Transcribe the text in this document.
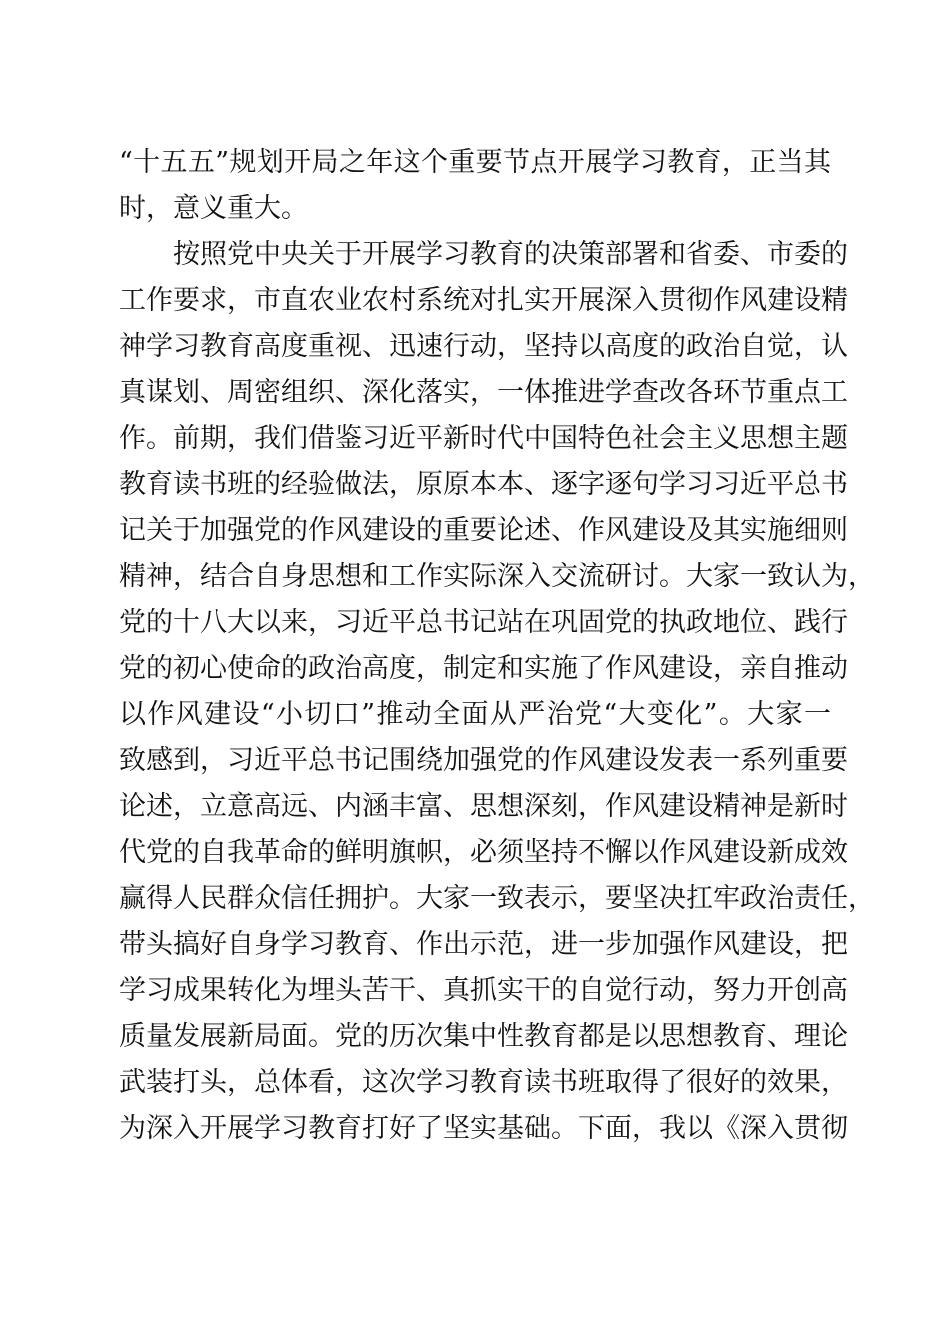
“十五五”规划开局之年这个重要节点开展学习教育，正当其
时，意义重大。
按照党中央关于开展学习教育的决策部署和省委、市委的
工作要求，市直农业农村系统对扎实开展深入贯彻作风建设精
神学习教育高度重视、迅速行动，坚持以高度的政治自觉，认
真谋划、周密组织、深化落实，一体推进学查改各环节重点工
作。前期，我们借鉴习近平新时代中国特色社会主义思想主题
教育读书班的经验做法，原原本本、逐字逐句学习习近平总书
记关于加强党的作风建设的重要论述、作风建设及其实施细则
精神，结合自身思想和工作实际深入交流研讨。大家一致认为，
党的十八大以来，习近平总书记站在巩固党的执政地位、践行
党的初心使命的政治高度，制定和实施了作风建设，亲自推动
以作风建设“小切口”推动全面从严治党“大变化”。大家一
致感到，习近平总书记围绕加强党的作风建设发表一系列重要
论述，立意高远、内涵丰富、思想深刻，作风建设精神是新时
代党的自我革命的鲜明旗帜，必须坚持不懈以作风建设新成效
赢得人民群众信任拥护。大家一致表示，要坚决扛牢政治责任，
带头搞好自身学习教育、作出示范，进一步加强作风建设，把
学习成果转化为埋头苦干、真抓实干的自觉行动，努力开创高
质量发展新局面。党的历次集中性教育都是以思想教育、理论
武装打头，总体看，这次学习教育读书班取得了很好的效果，
为深入开展学习教育打好了坚实基础。下面，我以《深入贯彻
